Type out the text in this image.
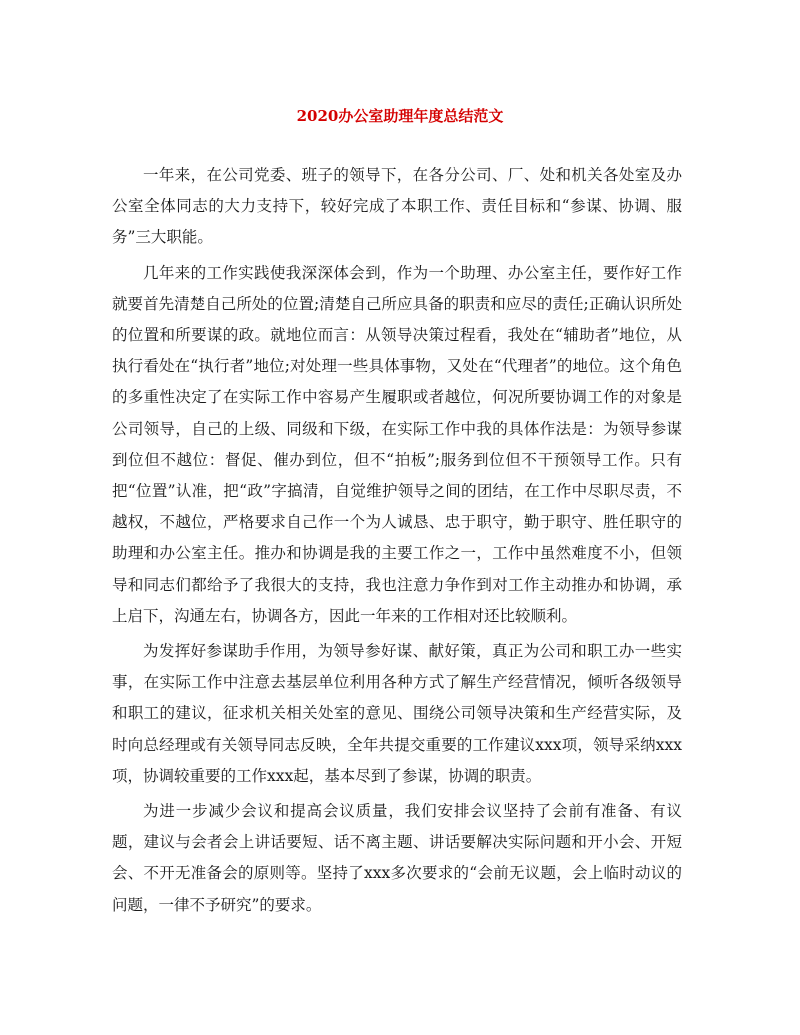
2020办公室助理年度总结范文

一年来，在公司党委、班子的领导下，在各分公司、厂、处和机关各处室及办公室全体同志的大力支持下，较好完成了本职工作、责任目标和“参谋、协调、服务”三大职能。

几年来的工作实践使我深深体会到，作为一个助理、办公室主任，要作好工作就要首先清楚自己所处的位置;清楚自己所应具备的职责和应尽的责任;正确认识所处的位置和所要谋的政。就地位而言：从领导决策过程看，我处在“辅助者”地位，从执行看处在“执行者”地位;对处理一些具体事物，又处在“代理者”的地位。这个角色的多重性决定了在实际工作中容易产生履职或者越位，何况所要协调工作的对象是公司领导，自己的上级、同级和下级，在实际工作中我的具体作法是：为领导参谋到位但不越位：督促、催办到位，但不“拍板”;服务到位但不干预领导工作。只有把“位置”认准，把“政”字搞清，自觉维护领导之间的团结，在工作中尽职尽责，不越权，不越位，严格要求自己作一个为人诚恳、忠于职守，勤于职守、胜任职守的助理和办公室主任。推办和协调是我的主要工作之一，工作中虽然难度不小，但领导和同志们都给予了我很大的支持，我也注意力争作到对工作主动推办和协调，承上启下，沟通左右，协调各方，因此一年来的工作相对还比较顺利。

为发挥好参谋助手作用，为领导参好谋、献好策，真正为公司和职工办一些实事，在实际工作中注意去基层单位利用各种方式了解生产经营情况，倾听各级领导和职工的建议，征求机关相关处室的意见、围绕公司领导决策和生产经营实际，及时向总经理或有关领导同志反映，全年共提交重要的工作建议xxx项，领导采纳xxx项，协调较重要的工作xxx起，基本尽到了参谋，协调的职责。

为进一步减少会议和提高会议质量，我们安排会议坚持了会前有准备、有议题，建议与会者会上讲话要短、话不离主题、讲话要解决实际问题和开小会、开短会、不开无准备会的原则等。坚持了xxx多次要求的“会前无议题，会上临时动议的问题，一律不予研究”的要求。
